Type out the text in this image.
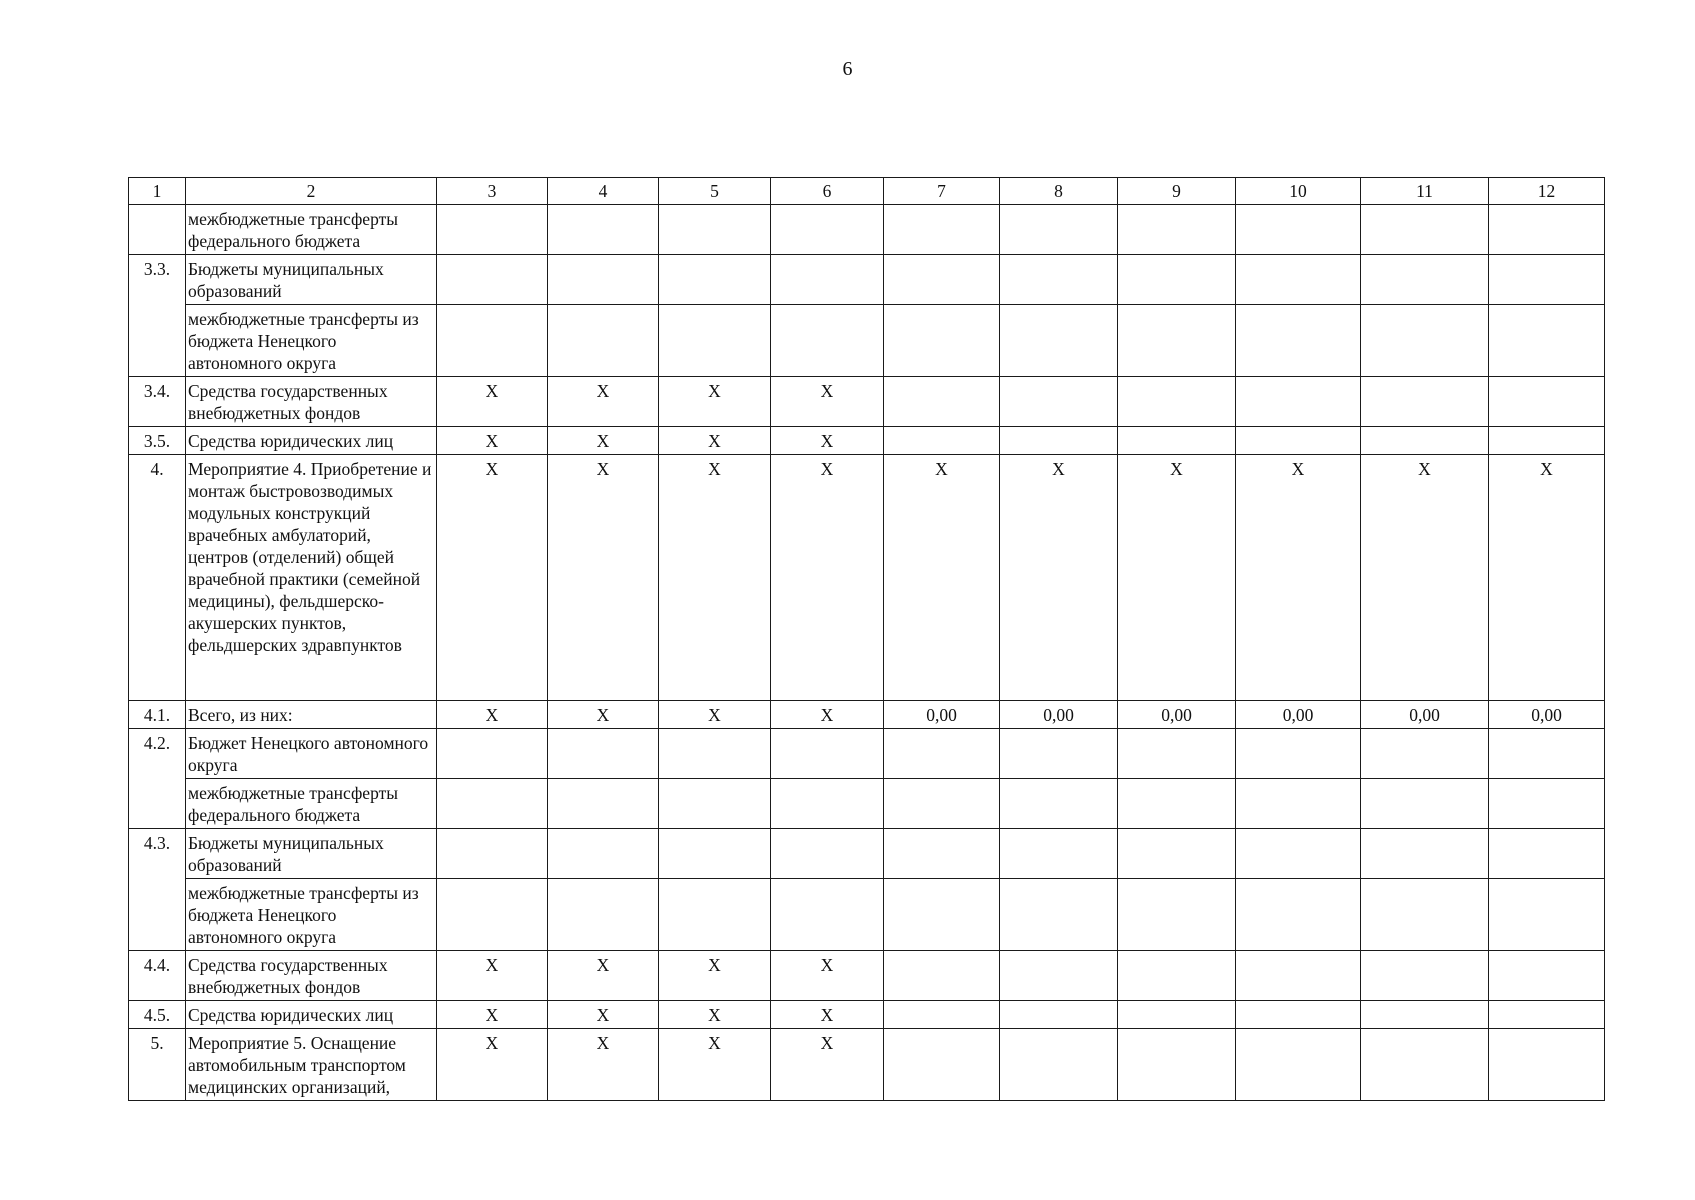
6
1	2	3	4	5	6	7	8	9	10	11	12
	межбюджетные трансферты федерального бюджета										
3.3.	Бюджеты муниципальных образований										
	межбюджетные трансферты из бюджета Ненецкого автономного округа										
3.4.	Средства государственных внебюджетных фондов	Х	Х	Х	Х						
3.5.	Средства юридических лиц	Х	Х	Х	Х						
4.	Мероприятие 4. Приобретение и монтаж быстровозводимых модульных конструкций врачебных амбулаторий, центров (отделений) общей врачебной практики (семейной медицины), фельдшерско-акушерских пунктов, фельдшерских здравпунктов	Х	Х	Х	Х	Х	Х	Х	Х	Х	Х
4.1.	Всего, из них:	Х	Х	Х	Х	0,00	0,00	0,00	0,00	0,00	0,00
4.2.	Бюджет Ненецкого автономного округа										
	межбюджетные трансферты федерального бюджета										
4.3.	Бюджеты муниципальных образований										
	межбюджетные трансферты из бюджета Ненецкого автономного округа										
4.4.	Средства государственных внебюджетных фондов	Х	Х	Х	Х						
4.5.	Средства юридических лиц	Х	Х	Х	Х						
5.	Мероприятие 5. Оснащение автомобильным транспортом медицинских организаций,	Х	Х	Х	Х						
